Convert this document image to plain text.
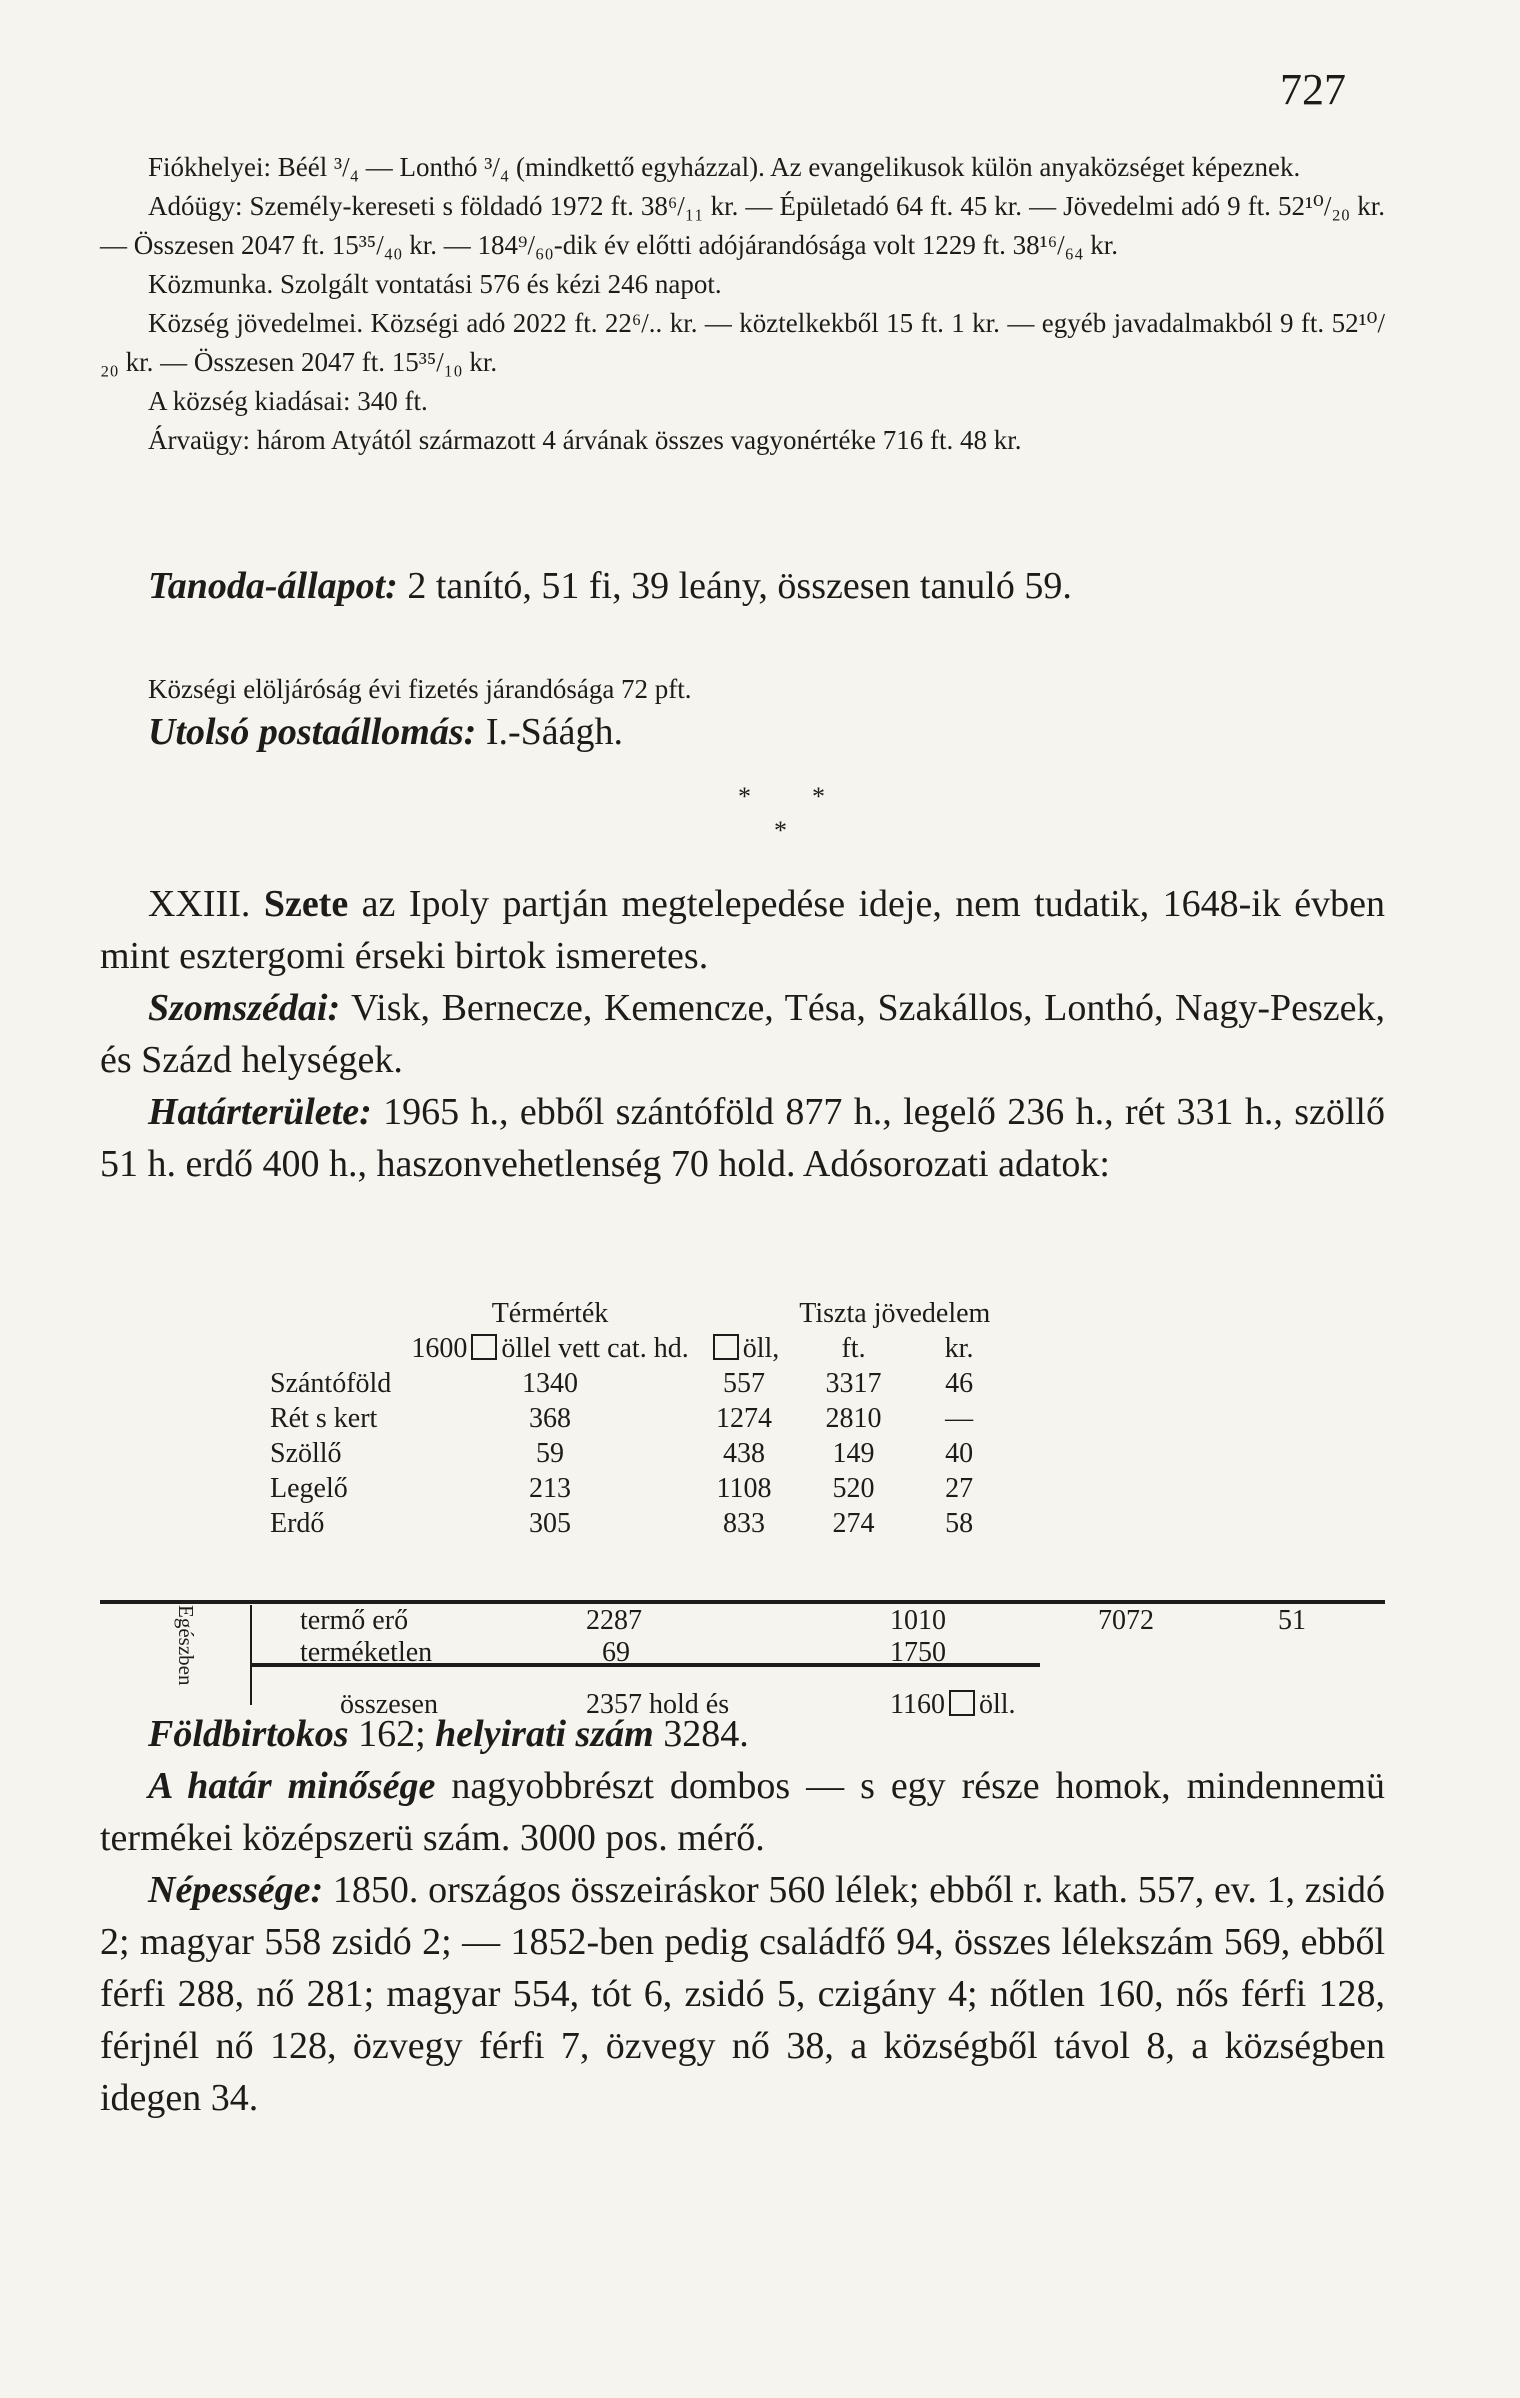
727

Fiókhelyei: Béél ³/₄ — Lonthó ³/₄ (mindkettő egyházzal). Az evangelikusok külön anyaközséget képeznek.

Adóügy: Személy-kereseti s földadó 1972 ft. 38⁶/₁₁ kr. — Épületadó 64 ft. 45 kr. — Jövedelmi adó 9 ft. 52¹⁰/₂₀ kr. — Összesen 2047 ft. 15³⁵/₄₀ kr. — 184⁹/₆₀-dik év előtti adójárandósága volt 1229 ft. 38¹⁶/₆₄ kr.

Közmunka. Szolgált vontatási 576 és kézi 246 napot.

Község jövedelmei. Községi adó 2022 ft. 22⁶/.. kr. — köztelkekből 15 ft. 1 kr. — egyéb javadalmakból 9 ft. 52¹⁰/₂₀ kr. — Összesen 2047 ft. 15³⁵/₁₀ kr.

A község kiadásai: 340 ft.

Árvaügy: három Atyától származott 4 árvának összes vagyonértéke 716 ft. 48 kr.

Tanoda-állapot: 2 tanító, 51 fi, 39 leány, összesen tanuló 59.

Községi elöljáróság évi fizetés járandósága 72 pft.

Utolsó postaállomás: I.-Sáágh.

* *
*

XXIII. Szete az Ipoly partján megtelepedése ideje, nem tudatik, 1648-ik évben mint esztergomi érseki birtok ismeretes.

Szomszédai: Visk, Bernecze, Kemencze, Tésa, Szakállos, Lonthó, Nagy-Peszek, és Százd helységek.

Határterülete: 1965 h., ebből szántóföld 877 h., legelő 236 h., rét 331 h., szöllő 51 h. erdő 400 h., haszonvehetlenség 70 hold. Adósorozati adatok:

	Térmérték		Tiszta jövedelem	
	1600 öllel vett cat. hd.	öll,	ft.	kr.
Szántóföld	1340	557	3317	46
Rét s kert	368	1274	2810	—
Szöllő	59	438	149	40
Legelő	213	1108	520	27
Erdő	305	833	274	58
Egészben	termő erő	2287	1010	7072	51
terméketlen	69	1750
összesen	2357 hold és	1160 öll.

Földbirtokos 162; helyirati szám 3284.

A határ minősége nagyobbrészt dombos — s egy része homok, mindennemü termékei középszerü szám. 3000 pos. mérő.

Népessége: 1850. országos összeiráskor 560 lélek; ebből r. kath. 557, ev. 1, zsidó 2; magyar 558 zsidó 2; — 1852-ben pedig családfő 94, összes lélekszám 569, ebből férfi 288, nő 281; magyar 554, tót 6, zsidó 5, czigány 4; nőtlen 160, nős férfi 128, férjnél nő 128, özvegy férfi 7, özvegy nő 38, a községből távol 8, a községben idegen 34.
